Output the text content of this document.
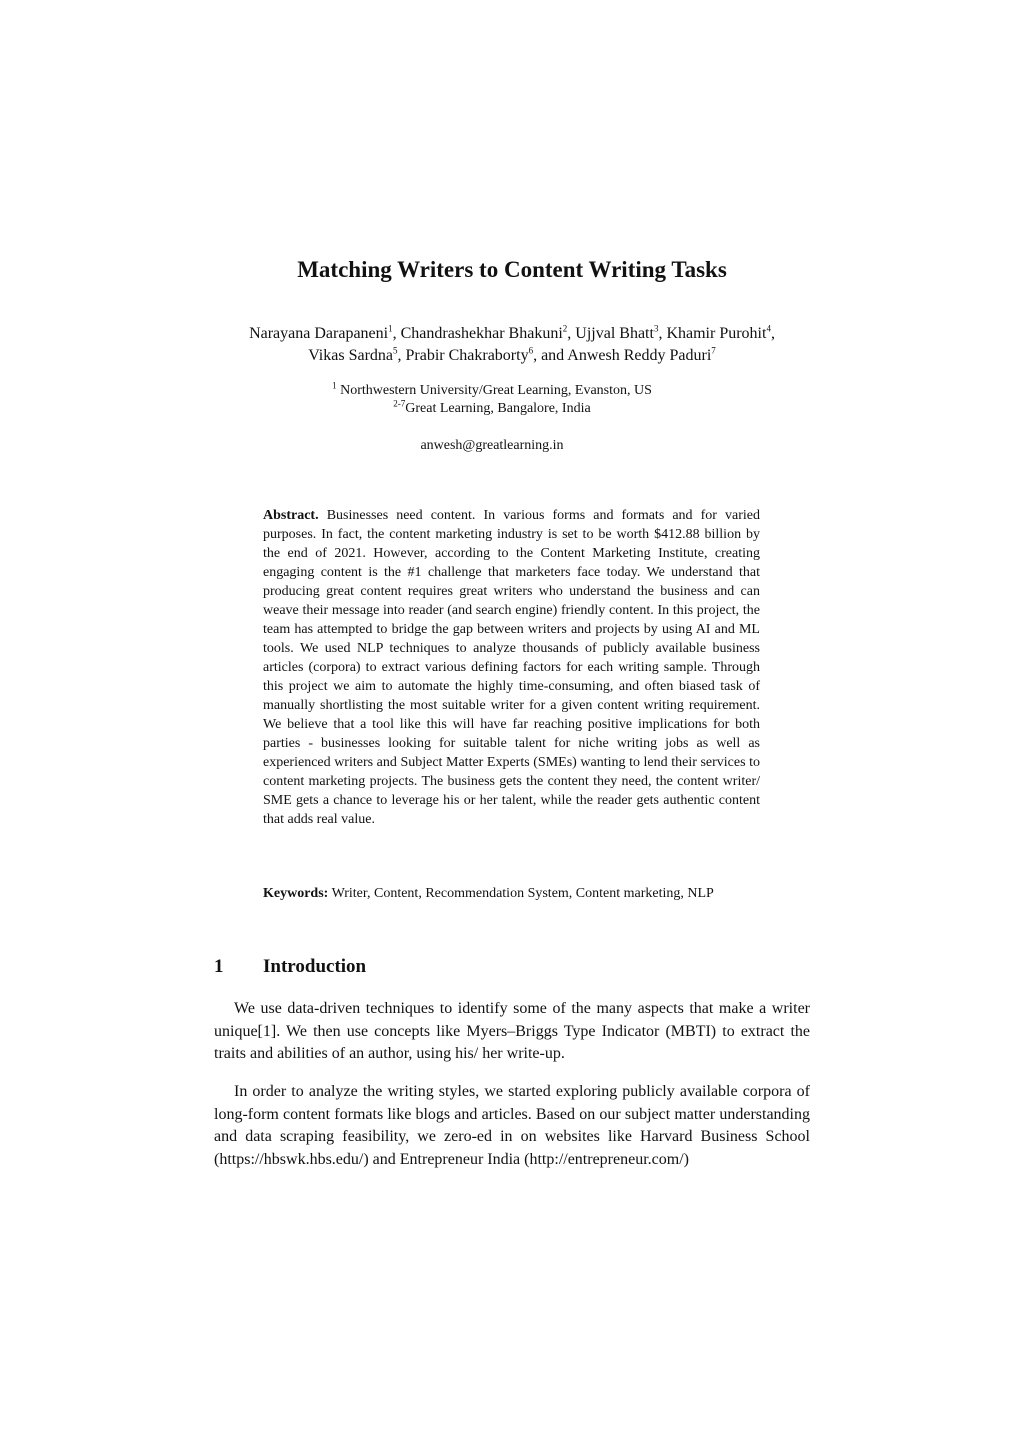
Matching Writers to Content Writing Tasks
Narayana Darapaneni$^1$, Chandrashekhar Bhakuni$^2$, Ujjval Bhatt$^3$, Khamir Purohit$^4$,
Vikas Sardna$^5$, Prabir Chakraborty$^6$, and Anwesh Reddy Paduri$^7$
$^1$ Northwestern University/Great Learning, Evanston, US
$^{2-7}$Great Learning, Bangalore, India
anwesh@greatlearning.in
Abstract. Businesses need content. In various forms and formats and for varied purposes. In fact, the content marketing industry is set to be worth $412.88 billion by the end of 2021. However, according to the Content Marketing Institute, creating engaging content is the #1 challenge that marketers face today. We understand that producing great content requires great writers who understand the business and can weave their message into reader (and search engine) friendly content. In this project, the team has attempted to bridge the gap between writers and projects by using AI and ML tools. We used NLP techniques to analyze thousands of publicly available business articles (corpora) to extract various defining factors for each writing sample. Through this project we aim to automate the highly time-consuming, and often biased task of manually shortlisting the most suitable writer for a given content writing requirement. We believe that a tool like this will have far reaching positive implications for both parties - businesses looking for suitable talent for niche writing jobs as well as experienced writers and Subject Matter Experts (SMEs) wanting to lend their services to content marketing projects. The business gets the content they need, the content writer/ SME gets a chance to leverage his or her talent, while the reader gets authentic content that adds real value.
Keywords: Writer, Content, Recommendation System, Content marketing, NLP
1 Introduction
We use data-driven techniques to identify some of the many aspects that make a writer unique[1]. We then use concepts like Myers–Briggs Type Indicator (MBTI) to extract the traits and abilities of an author, using his/ her write-up.
In order to analyze the writing styles, we started exploring publicly available corpora of long-form content formats like blogs and articles. Based on our subject matter understanding and data scraping feasibility, we zero-ed in on websites like Harvard Business School (https://hbswk.hbs.edu/) and Entrepreneur India (http://entrepreneur.com/)
